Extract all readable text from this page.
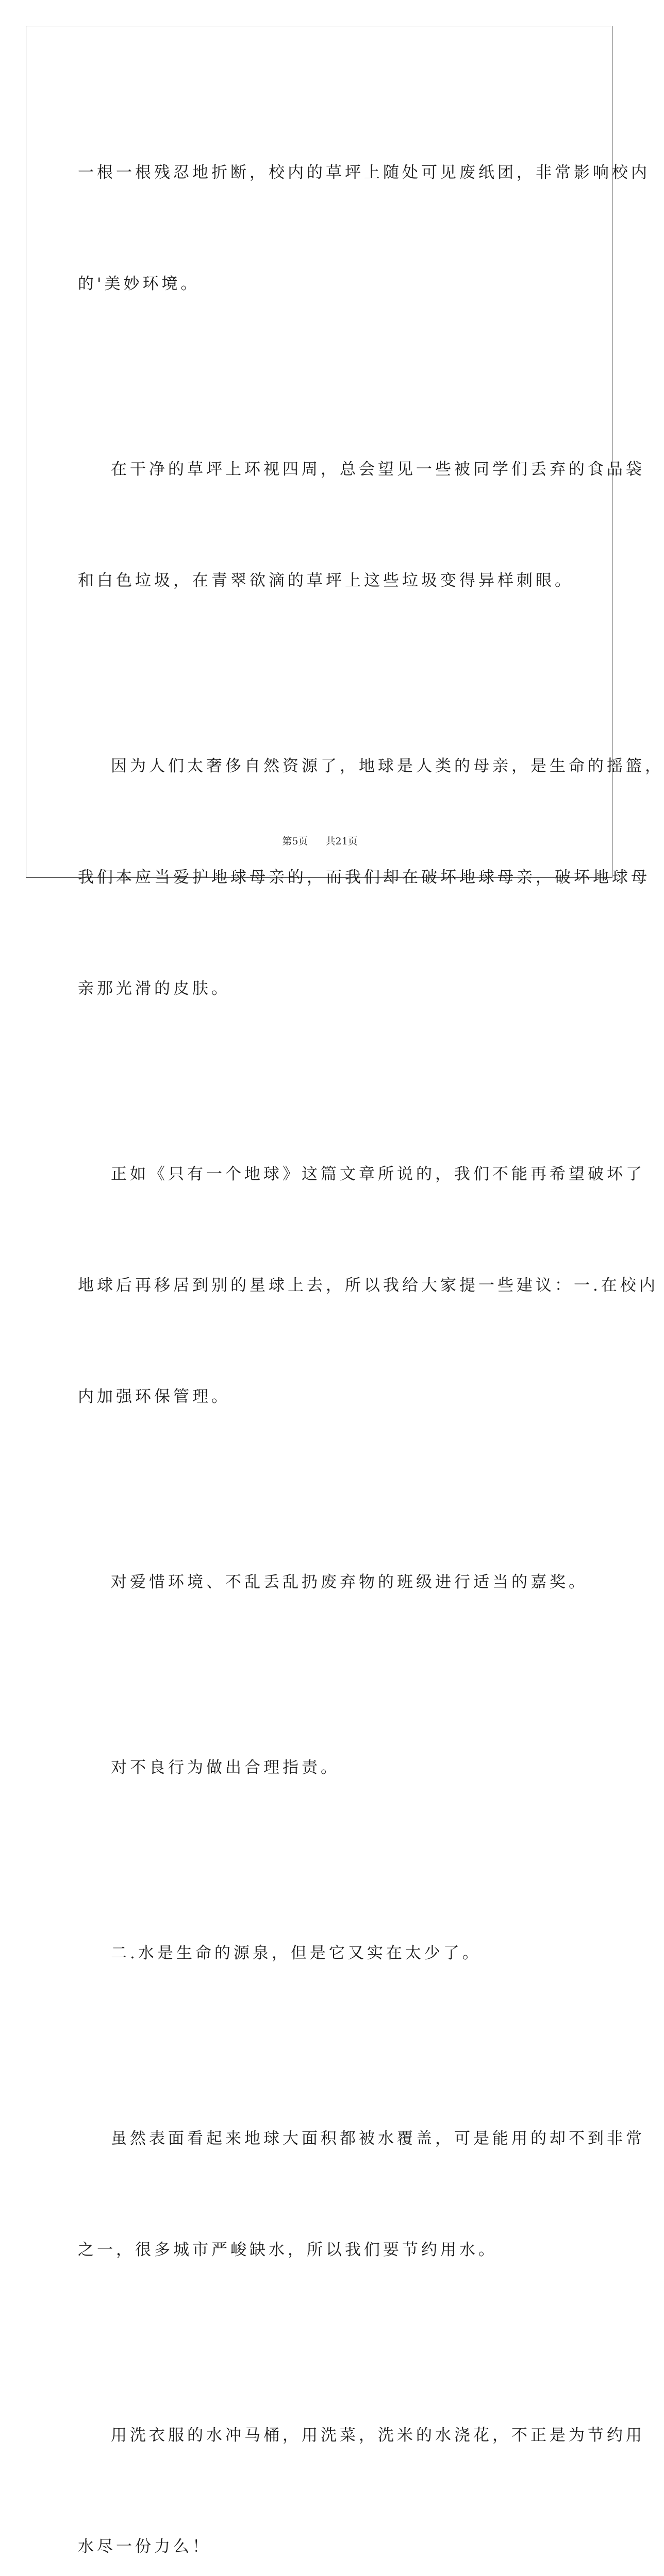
一根一根残忍地折断，校内的草坪上随处可见废纸团，非常影响校内

的'美妙环境。

在干净的草坪上环视四周，总会望见一些被同学们丢弃的食品袋

和白色垃圾，在青翠欲滴的草坪上这些垃圾变得异样刺眼。

因为人们太奢侈自然资源了，地球是人类的母亲，是生命的摇篮，

我们本应当爱护地球母亲的，而我们却在破坏地球母亲，破坏地球母

亲那光滑的皮肤。

正如《只有一个地球》这篇文章所说的，我们不能再希望破坏了

地球后再移居到别的星球上去，所以我给大家提一些建议：一.在校内

内加强环保管理。

对爱惜环境、不乱丢乱扔废弃物的班级进行适当的嘉奖。

对不良行为做出合理指责。

二.水是生命的源泉，但是它又实在太少了。

虽然表面看起来地球大面积都被水覆盖，可是能用的却不到非常

之一，很多城市严峻缺水，所以我们要节约用水。

用洗衣服的水冲马桶，用洗菜，洗米的水浇花，不正是为节约用

水尽一份力么！

第5页 共21页
